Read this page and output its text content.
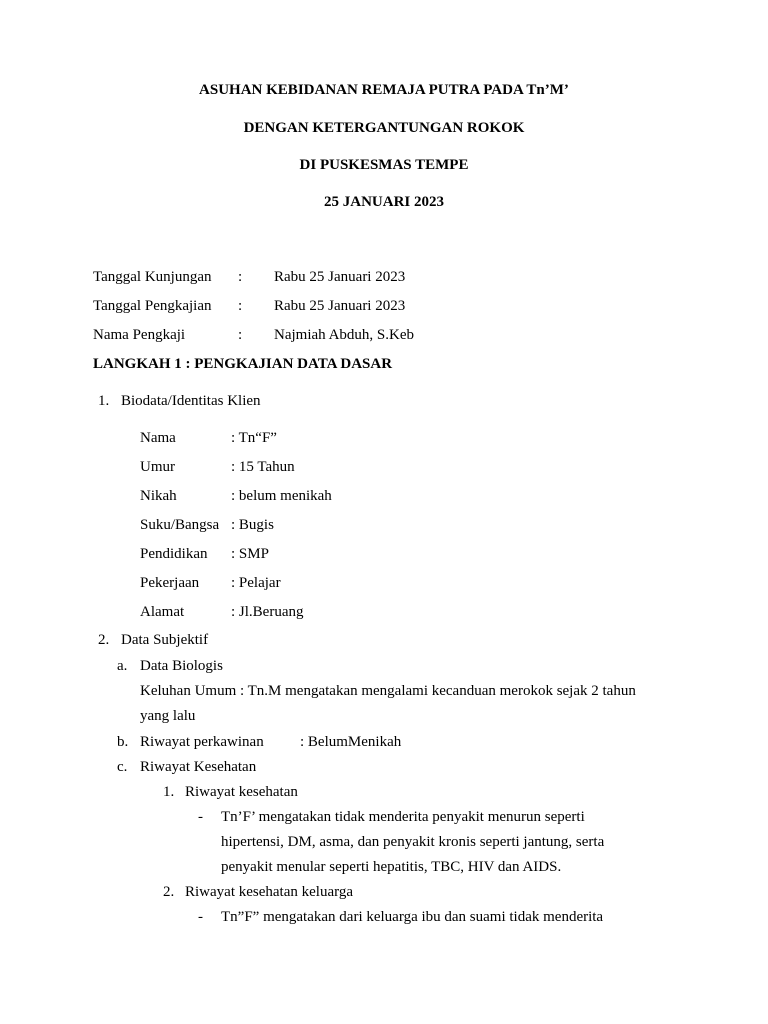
ASUHAN KEBIDANAN REMAJA PUTRA PADA Tn’M’
DENGAN KETERGANTUNGAN ROKOK
DI PUSKESMAS TEMPE
25 JANUARI 2023
Tanggal Kunjungan : Rabu 25 Januari 2023
Tanggal Pengkajian : Rabu 25 Januari 2023
Nama Pengkaji	: Najmiah Abduh, S.Keb
LANGKAH 1 : PENGKAJIAN DATA DASAR
1. Biodata/Identitas Klien
Nama	: Tn“F”
Umur	: 15 Tahun
Nikah	: belum menikah
Suku/Bangsa : Bugis
Pendidikan : SMP
Pekerjaan : Pelajar
Alamat	: Jl.Beruang
2. Data Subjektif
a. Data Biologis
Keluhan Umum : Tn.M mengatakan mengalami kecanduan merokok sejak 2 tahun
yang lalu
b. Riwayat perkawinan : BelumMenikah
c. Riwayat Kesehatan
1. Riwayat kesehatan
- Tn’F’ mengatakan tidak menderita penyakit menurun seperti
hipertensi, DM, asma, dan penyakit kronis seperti jantung, serta
penyakit menular seperti hepatitis, TBC, HIV dan AIDS.
2. Riwayat kesehatan keluarga
- Tn”F” mengatakan dari keluarga ibu dan suami tidak menderita
